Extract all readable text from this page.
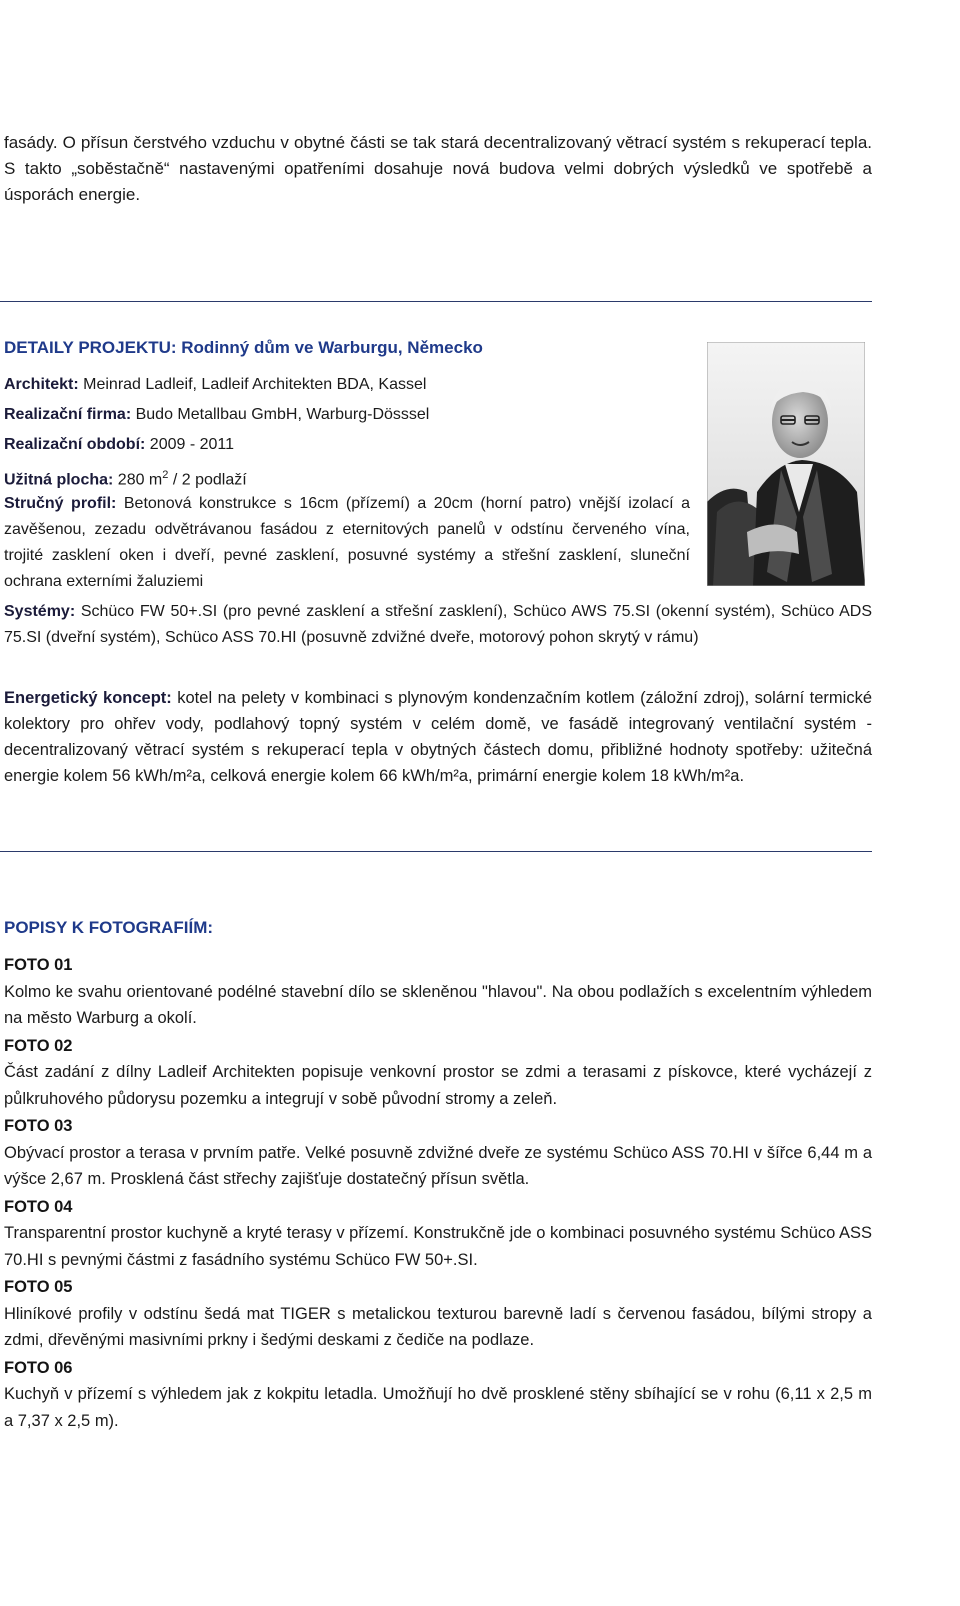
fasády. O přísun čerstvého vzduchu v obytné části se tak stará decentralizovaný větrací systém s rekuperací tepla. S takto „soběstačně“ nastavenými opatřeními dosahuje nová budova velmi dobrých výsledků ve spotřebě a úsporách energie.

DETAILY PROJEKTU: Rodinný dům ve Warburgu, Německo
Architekt: Meinrad Ladleif, Ladleif Architekten BDA, Kassel
Realizační firma: Budo Metallbau GmbH, Warburg-Dösssel
Realizační období: 2009 - 2011
Užitná plocha: 280 $m^2 / 2$ podlaží

Stručný profil: Betonová konstrukce s 16cm (přízemí) a 20cm (horní patro) vnější izolací a zavěšenou, zezadu odvětrávanou fasádou z eternitových panelů v odstínu červeného vína, trojité zasklení oken i dveří, pevné zasklení, posuvné systémy a střešní zasklení, sluneční ochrana externími žaluziemi

Systémy: Schüco FW 50+.SI (pro pevné zasklení a střešní zasklení), Schüco AWS 75.SI (okenní systém), Schüco ADS 75.SI (dveřní systém), Schüco ASS 70.HI (posuvně zdvižné dveře, motorový pohon skrytý v rámu)

Energetický koncept: kotel na pelety v kombinaci s plynovým kondenzačním kotlem (záložní zdroj), solární termické kolektory pro ohřev vody, podlahový topný systém v celém domě, ve fasádě integrovaný ventilační systém - decentralizovaný větrací systém s rekuperací tepla v obytných částech domu, přibližné hodnoty spotřeby: užitečná energie kolem 56 kWh/m²a, celková energie kolem 66 kWh/m²a, primární energie kolem 18 kWh/m²a.

POPISY K FOTOGRAFIÍM:

FOTO 01

Kolmo ke svahu orientované podélné stavební dílo se skleněnou "hlavou". Na obou podlažích s excelentním výhledem na město Warburg a okolí.

FOTO 02

Část zadání z dílny Ladleif Architekten popisuje venkovní prostor se zdmi a terasami z pískovce, které vycházejí z půlkruhového půdorysu pozemku a integrují v sobě původní stromy a zeleň.

FOTO 03

Obývací prostor a terasa v prvním patře. Velké posuvně zdvižné dveře ze systému Schüco ASS 70.HI v šířce 6,44 m a výšce 2,67 m. Prosklená část střechy zajišťuje dostatečný přísun světla.

FOTO 04

Transparentní prostor kuchyně a kryté terasy v přízemí. Konstrukčně jde o kombinaci posuvného systému Schüco ASS 70.HI s pevnými částmi z fasádního systému Schüco FW 50+.SI.

FOTO 05

Hliníkové profily v odstínu šedá mat TIGER s metalickou texturou barevně ladí s červenou fasádou, bílými stropy a zdmi, dřevěnými masivními prkny i šedými deskami z čediče na podlaze.

FOTO 06

Kuchyň v přízemí s výhledem jak z kokpitu letadla. Umožňují ho dvě prosklené stěny sbíhající se v rohu (6,11 x 2,5 m a 7,37 x 2,5 m).
